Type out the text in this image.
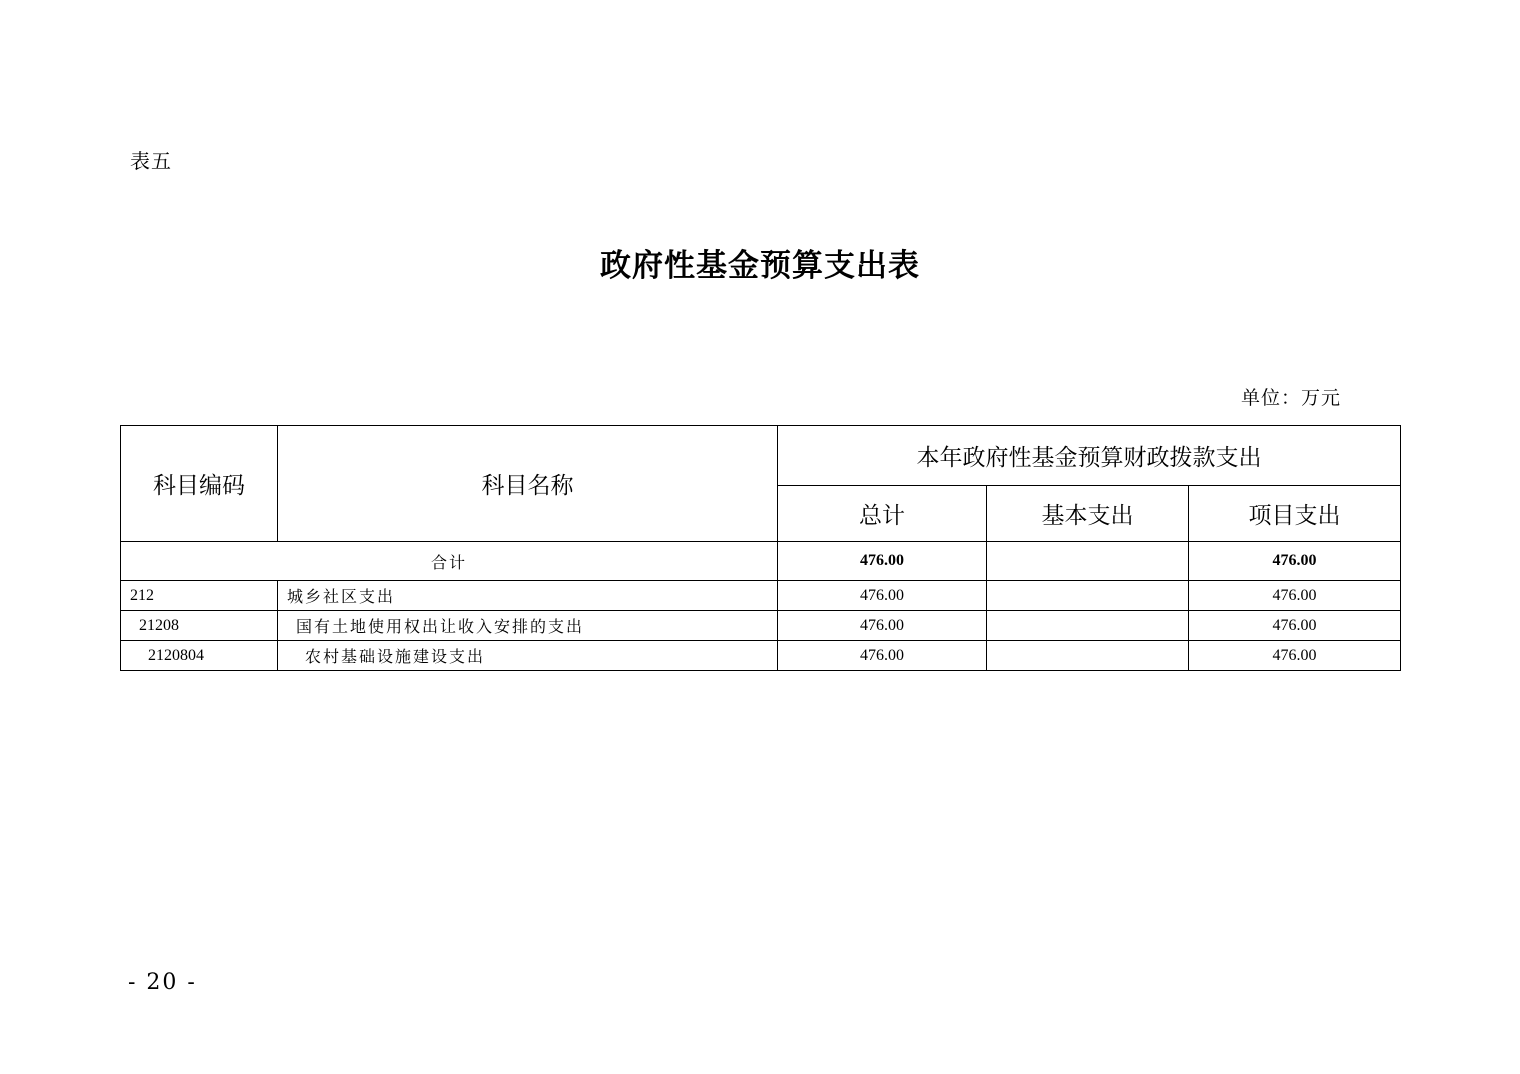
表五
政府性基金预算支出表
单位：万元
科目编码	科目名称	本年政府性基金预算财政拨款支出		
		总计	基本支出	项目支出
合计		476.00		476.00
212	城乡社区支出	476.00		476.00
21208	国有土地使用权出让收入安排的支出	476.00		476.00
2120804	农村基础设施建设支出	476.00		476.00
- 20 -
